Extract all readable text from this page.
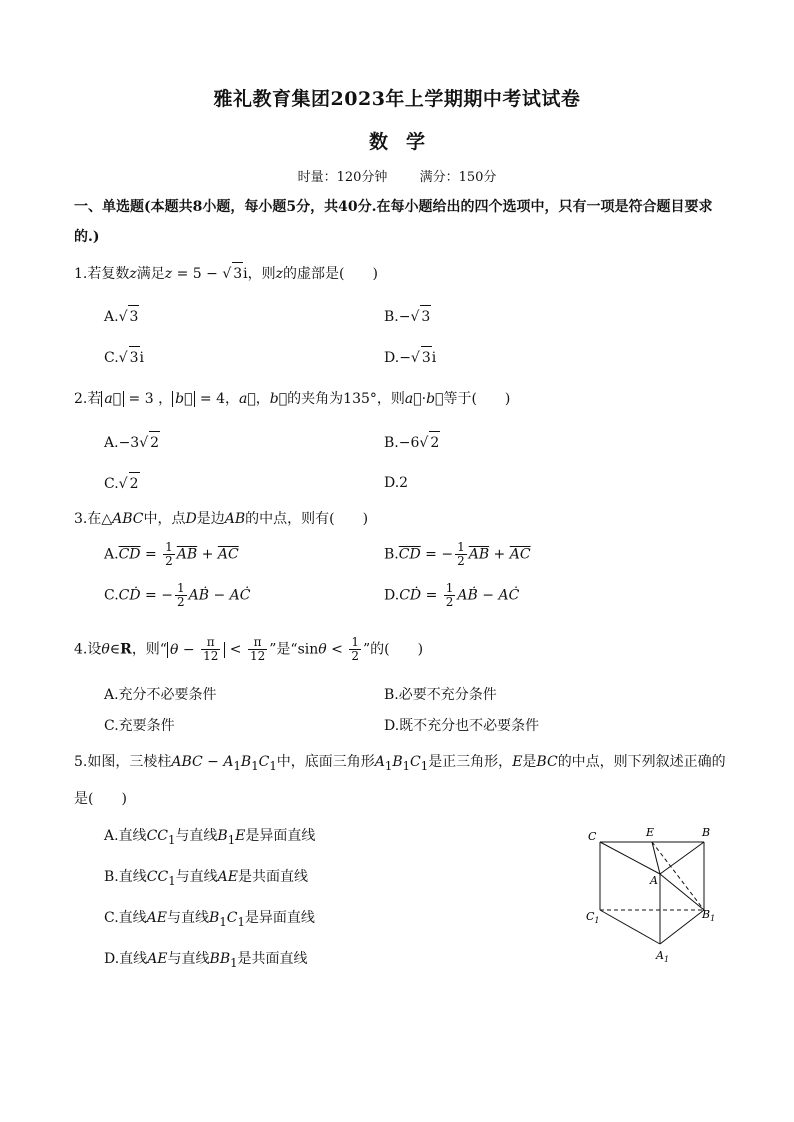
雅礼教育集团2023年上学期期中考试试卷
数学
时量：120分钟 满分：150分
一、单选题(本题共8小题，每小题5分，共40分.在每小题给出的四个选项中，只有一项是符合题目要求
的.)
1.若复数z满足z = 5 − √ 3i，则z的虚部是(　　)
A.√ 3	B.−√ 3
C.√ 3i	D.−√ 3i
2.若 a⃗ = 3 ， b⃗ = 4，a⃗，b⃗的夹角为135°，则a⃗·b⃗等于(　　)
A.−3√ 2	B.−6√ 2
C.√ 2	D.2
3.在△ABC中，点D是边AB的中点，则有(　　)
$A.\overline{CD} = \frac{1}{2} \overline{AB} + \overline{AC}$	$B.\overline{CD}$ = − $\frac{1}{2} \overline{AB} + \overline{AC}$
C.CḊ = − $\frac{1}{2}$ AḂ − AĊ	D.CḊ = $\frac{1}{2}$ AḂ − AĊ
4.设θ∈R，则“ $\theta - \frac{\pi}{12} < \frac{\pi}{12}$ ”是“$\sin\theta < \frac{1}{2}$ ”的(　　)
A.充分不必要条件	B.必要不充分条件
C.充要条件	D.既不充分也不必要条件
5.如图，三棱柱ABC − $A_1B_1C_1$中，底面三角形$A_1B_1C_1$是正三角形，E是BC的中点，则下列叙述正确的
是(　　)
A.直线$CC_1$与直线$B_1E$是异面直线
B.直线$CC_1$与直线AE是共面直线
C.直线AE与直线$B_1C_1$是异面直线
D.直线AE与直线$BB_1$是共面直线
C	E	B
A
$C_1$	$B_1$
$A_1$
